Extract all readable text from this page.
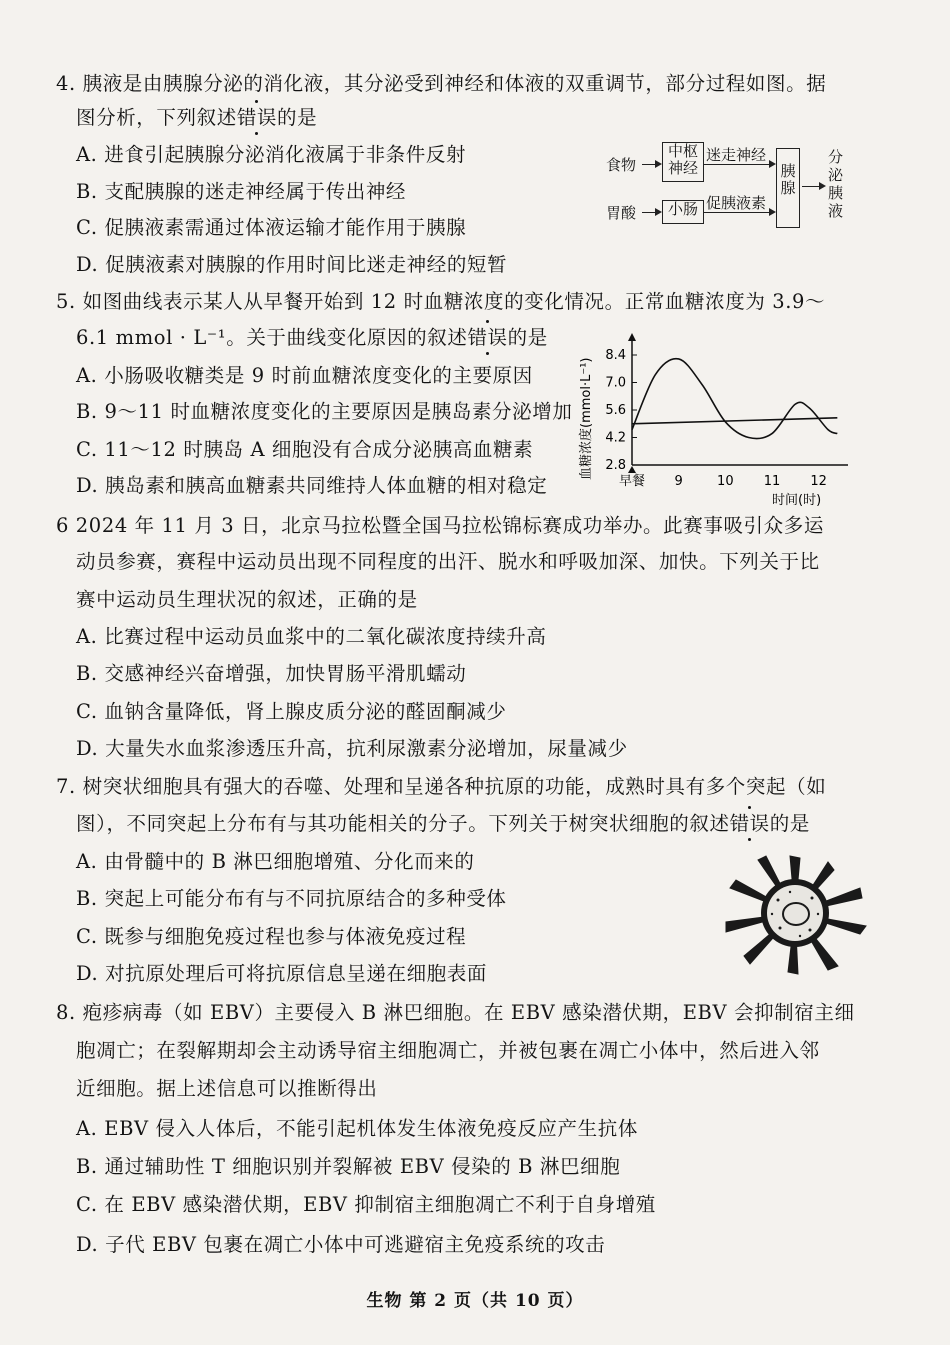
4. 胰液是由胰腺分泌的消化液，其分泌受到神经和体液的双重调节，部分过程如图。据
图分析，下列叙述错误的是
A. 进食引起胰腺分泌消化液属于非条件反射
B. 支配胰腺的迷走神经属于传出神经
C. 促胰液素需通过体液运输才能作用于胰腺
D. 促胰液素对胰腺的作用时间比迷走神经的短暂
食物
中枢神经
迷走神经
胃酸	小肠 促胰液素
胰腺
分泌胰液
5. 如图曲线表示某人从早餐开始到 12 时血糖浓度的变化情况。正常血糖浓度为 3.9～
6.1 mmol · L⁻¹。关于曲线变化原因的叙述错误的是
A. 小肠吸收糖类是 9 时前血糖浓度变化的主要原因
B. 9～11 时血糖浓度变化的主要原因是胰岛素分泌增加
C. 11～12 时胰岛 A 细胞没有合成分泌胰高血糖素
D. 胰岛素和胰高血糖素共同维持人体血糖的相对稳定
血糖浓度(mmol·L⁻¹)
时间(时)
2.8
4.2
5.6
7.0
8.4
早餐 9	10 11 12
6 2024 年 11 月 3 日，北京马拉松暨全国马拉松锦标赛成功举办。此赛事吸引众多运
动员参赛，赛程中运动员出现不同程度的出汗、脱水和呼吸加深、加快。下列关于比
赛中运动员生理状况的叙述，正确的是
A. 比赛过程中运动员血浆中的二氧化碳浓度持续升高
B. 交感神经兴奋增强，加快胃肠平滑肌蠕动
C. 血钠含量降低，肾上腺皮质分泌的醛固酮减少
D. 大量失水血浆渗透压升高，抗利尿激素分泌增加，尿量减少
7. 树突状细胞具有强大的吞噬、处理和呈递各种抗原的功能，成熟时具有多个突起（如
图），不同突起上分布有与其功能相关的分子。下列关于树突状细胞的叙述错误的是
A. 由骨髓中的 B 淋巴细胞增殖、分化而来的
B. 突起上可能分布有与不同抗原结合的多种受体
C. 既参与细胞免疫过程也参与体液免疫过程
D. 对抗原处理后可将抗原信息呈递在细胞表面
8. 疱疹病毒（如 EBV）主要侵入 B 淋巴细胞。在 EBV 感染潜伏期，EBV 会抑制宿主细
胞凋亡；在裂解期却会主动诱导宿主细胞凋亡，并被包裹在凋亡小体中，然后进入邻
近细胞。据上述信息可以推断得出
A. EBV 侵入人体后，不能引起机体发生体液免疫反应产生抗体
B. 通过辅助性 T 细胞识别并裂解被 EBV 侵染的 B 淋巴细胞
C. 在 EBV 感染潜伏期，EBV 抑制宿主细胞凋亡不利于自身增殖
D. 子代 EBV 包裹在凋亡小体中可逃避宿主免疫系统的攻击
生物 第 2 页（共 10 页）
